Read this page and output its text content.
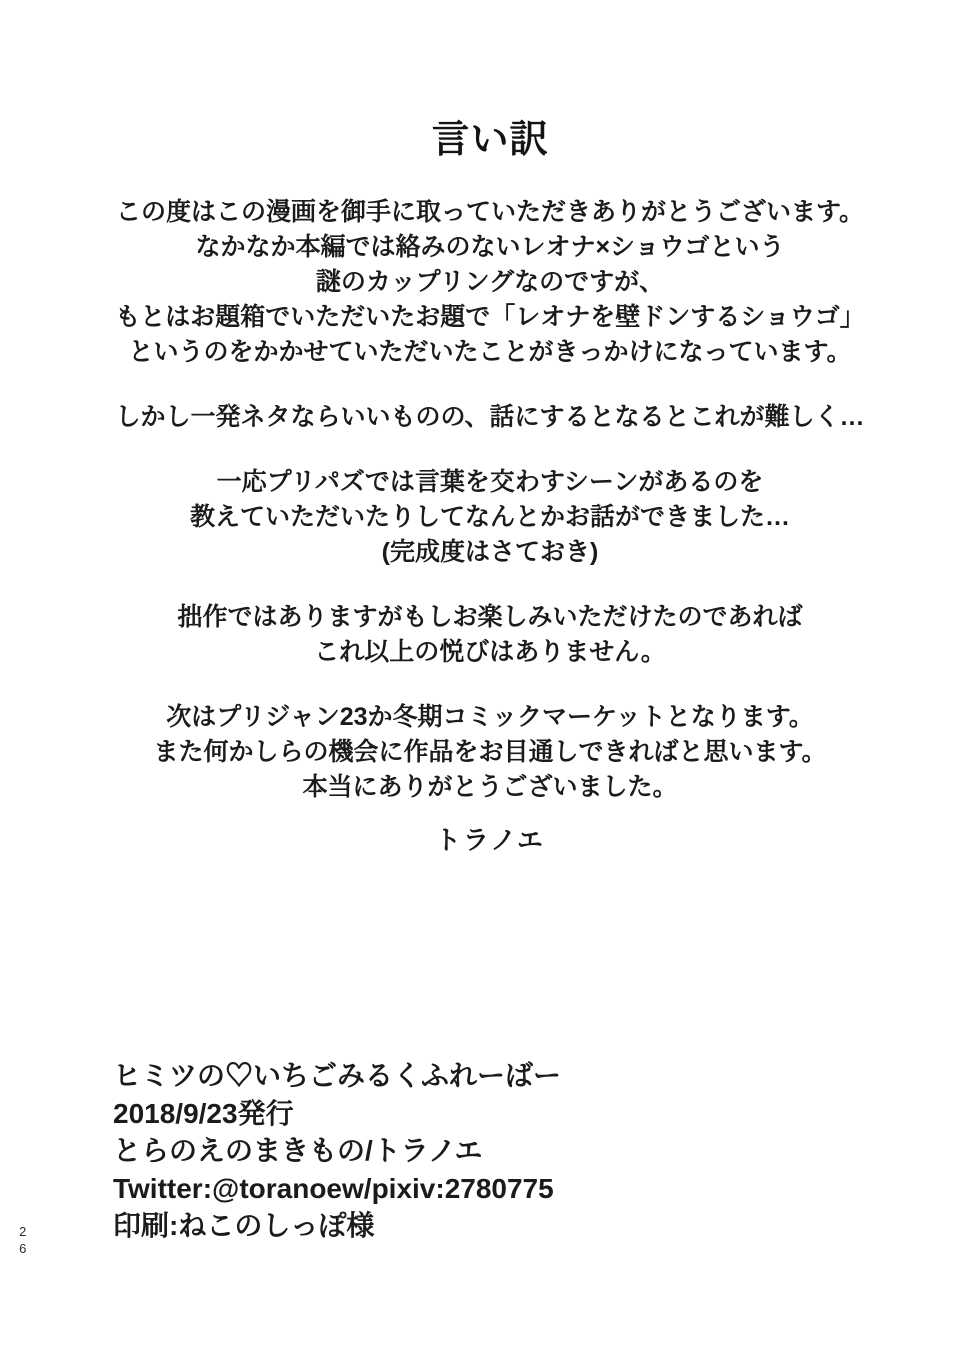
言い訳

この度はこの漫画を御手に取っていただきありがとうございます。
なかなか本編では絡みのないレオナ×ショウゴという
謎のカップリングなのですが、
もとはお題箱でいただいたお題で「レオナを壁ドンするショウゴ」
というのをかかせていただいたことがきっかけになっています。

しかし一発ネタならいいものの、話にするとなるとこれが難しく…

一応プリパズでは言葉を交わすシーンがあるのを
教えていただいたりしてなんとかお話ができました…
(完成度はさておき)

拙作ではありますがもしお楽しみいただけたのであれば
これ以上の悦びはありません。

次はプリジャン23か冬期コミックマーケットとなります。
また何かしらの機会に作品をお目通しできればと思います。
本当にありがとうございました。

トラノエ
ヒミツの♡いちごみるくふれーばー
2018/9/23発行
とらのえのまきもの/トラノエ
Twitter:@toranoew/pixiv:2780775
印刷:ねこのしっぽ様
26
